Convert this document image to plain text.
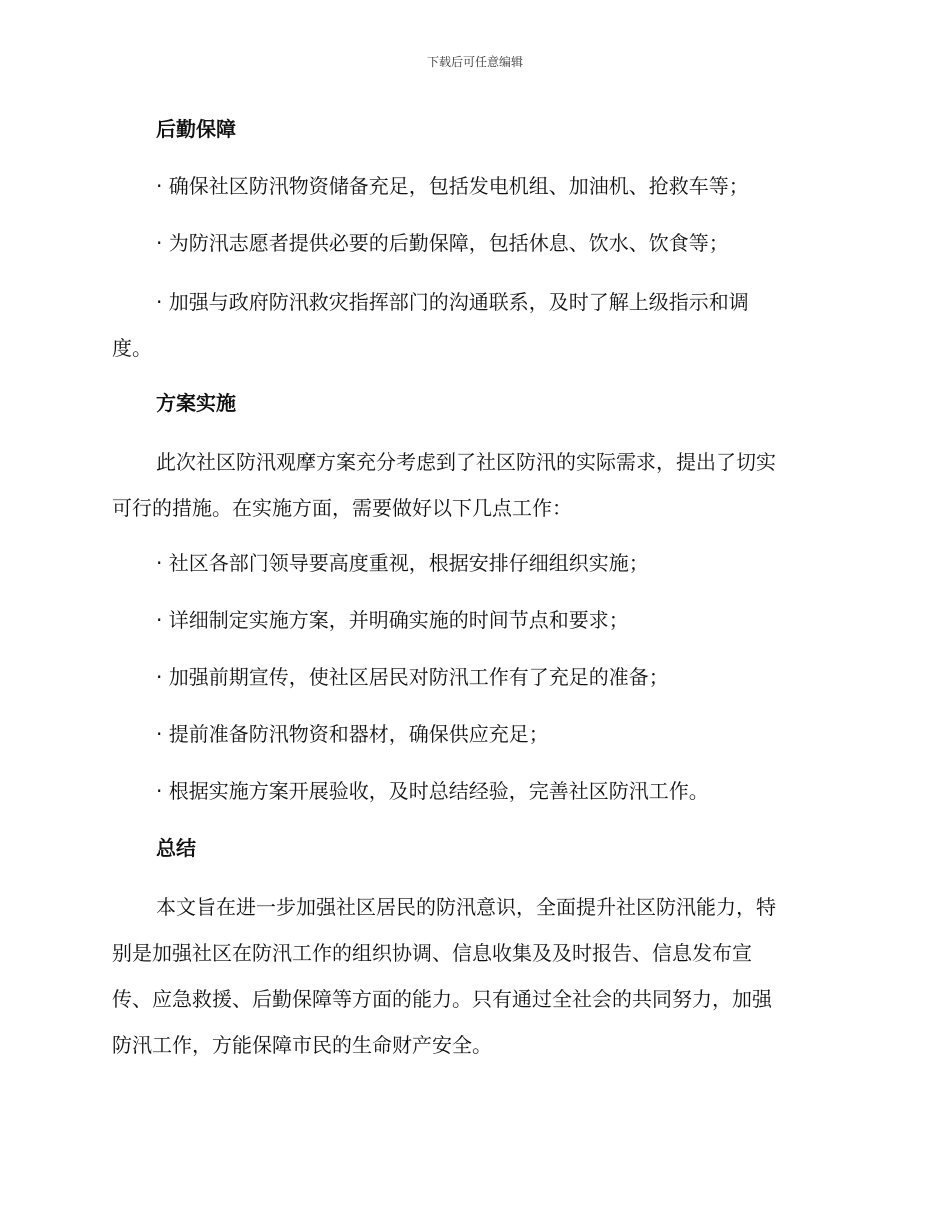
下载后可任意编辑
后勤保障
· 确保社区防汛物资储备充足，包括发电机组、加油机、抢救车等；
· 为防汛志愿者提供必要的后勤保障，包括休息、饮水、饮食等；
· 加强与政府防汛救灾指挥部门的沟通联系，及时了解上级指示和调
度。
方案实施
此次社区防汛观摩方案充分考虑到了社区防汛的实际需求，提出了切实
可行的措施。在实施方面，需要做好以下几点工作：
· 社区各部门领导要高度重视，根据安排仔细组织实施；
· 详细制定实施方案，并明确实施的时间节点和要求；
· 加强前期宣传，使社区居民对防汛工作有了充足的准备；
· 提前准备防汛物资和器材，确保供应充足；
· 根据实施方案开展验收，及时总结经验，完善社区防汛工作。
总结
本文旨在进一步加强社区居民的防汛意识，全面提升社区防汛能力，特
别是加强社区在防汛工作的组织协调、信息收集及及时报告、信息发布宣
传、应急救援、后勤保障等方面的能力。只有通过全社会的共同努力，加强
防汛工作，方能保障市民的生命财产安全。
